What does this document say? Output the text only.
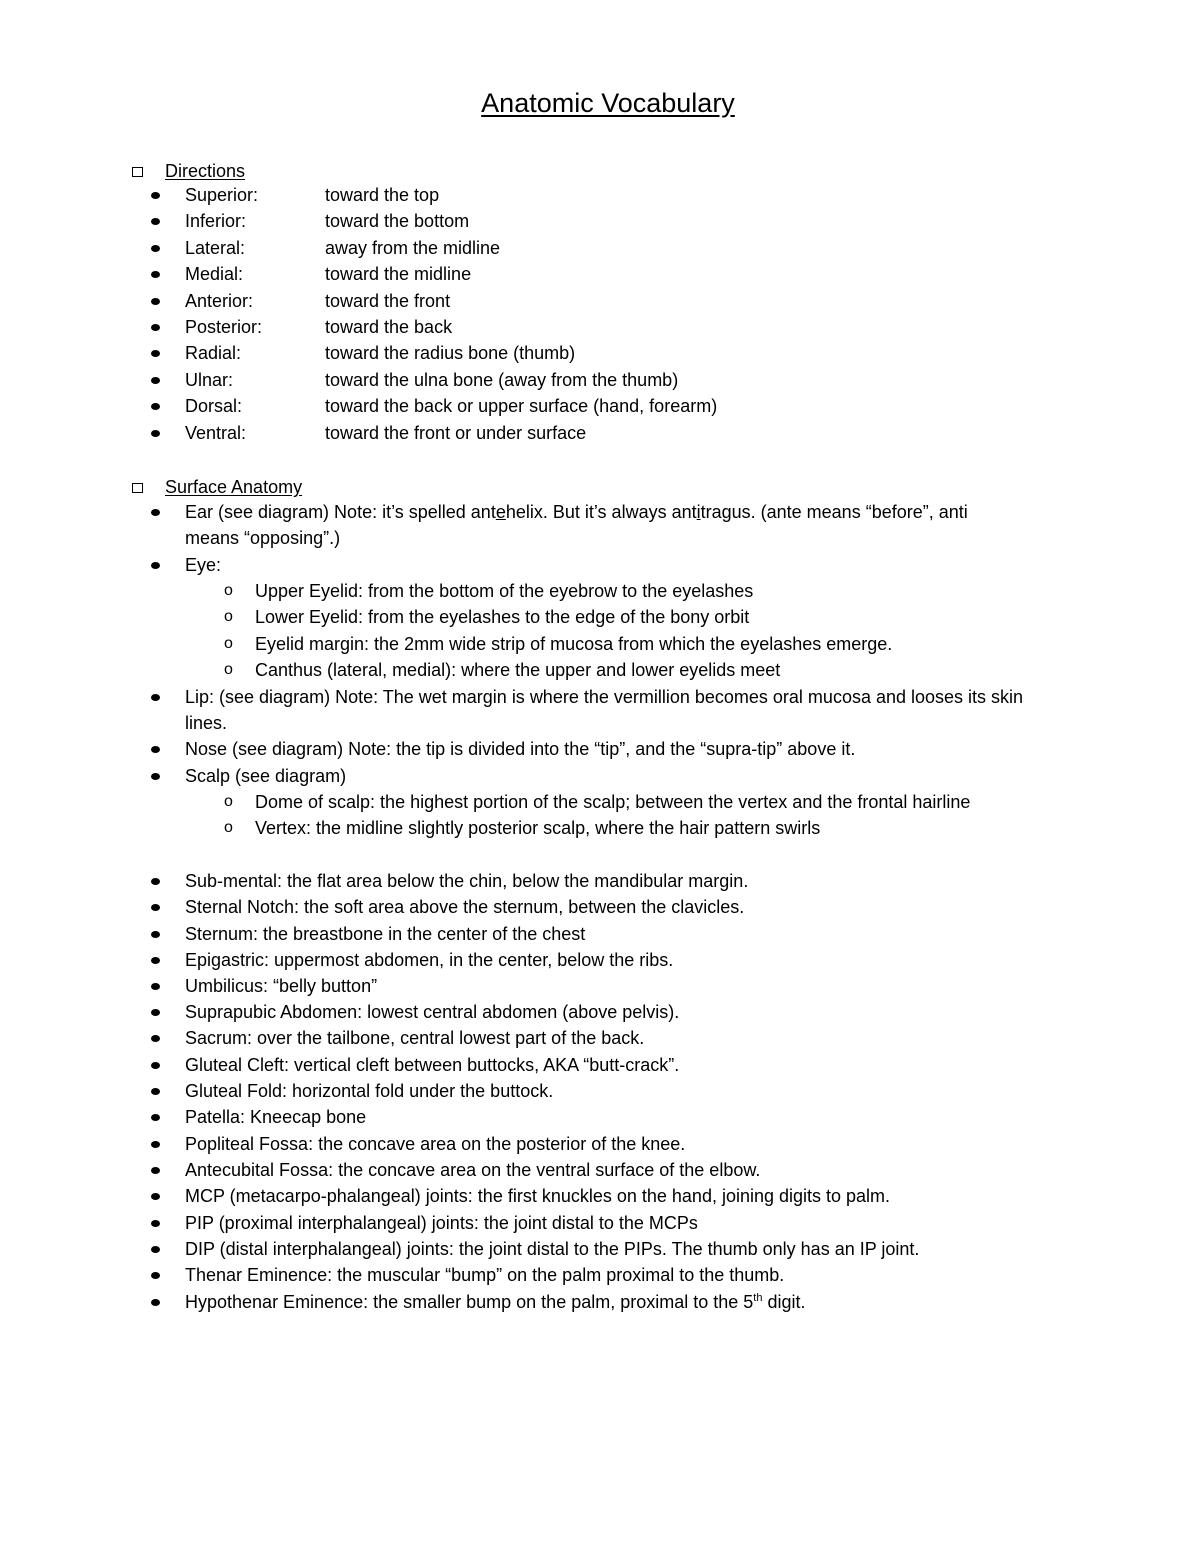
Anatomic Vocabulary
Directions
Superior:	toward the top
Inferior:	toward the bottom
Lateral:	away from the midline
Medial:	toward the midline
Anterior:	toward the front
Posterior:	toward the back
Radial:	toward the radius bone (thumb)
Ulnar:	toward the ulna bone (away from the thumb)
Dorsal:	toward the back or upper surface (hand, forearm)
Ventral:	toward the front or under surface
Surface Anatomy
Ear (see diagram) Note: it’s spelled antehelix. But it’s always antitragus. (ante means “before”, anti
means “opposing”.)
Eye:
o Upper Eyelid: from the bottom of the eyebrow to the eyelashes
o Lower Eyelid: from the eyelashes to the edge of the bony orbit
o Eyelid margin: the 2mm wide strip of mucosa from which the eyelashes emerge.
o Canthus (lateral, medial): where the upper and lower eyelids meet
Lip: (see diagram) Note: The wet margin is where the vermillion becomes oral mucosa and looses its skin
lines.
Nose (see diagram) Note: the tip is divided into the “tip”, and the “supra-tip” above it.
Scalp (see diagram)
o Dome of scalp: the highest portion of the scalp; between the vertex and the frontal hairline
o Vertex: the midline slightly posterior scalp, where the hair pattern swirls
Sub-mental: the flat area below the chin, below the mandibular margin.
Sternal Notch: the soft area above the sternum, between the clavicles.
Sternum: the breastbone in the center of the chest
Epigastric: uppermost abdomen, in the center, below the ribs.
Umbilicus: “belly button”
Suprapubic Abdomen: lowest central abdomen (above pelvis).
Sacrum: over the tailbone, central lowest part of the back.
Gluteal Cleft: vertical cleft between buttocks, AKA “butt-crack”.
Gluteal Fold: horizontal fold under the buttock.
Patella: Kneecap bone
Popliteal Fossa: the concave area on the posterior of the knee.
Antecubital Fossa: the concave area on the ventral surface of the elbow.
MCP (metacarpo-phalangeal) joints: the first knuckles on the hand, joining digits to palm.
PIP (proximal interphalangeal) joints: the joint distal to the MCPs
DIP (distal interphalangeal) joints: the joint distal to the PIPs. The thumb only has an IP joint.
Thenar Eminence: the muscular “bump” on the palm proximal to the thumb.
Hypothenar Eminence: the smaller bump on the palm, proximal to the 5th digit.
